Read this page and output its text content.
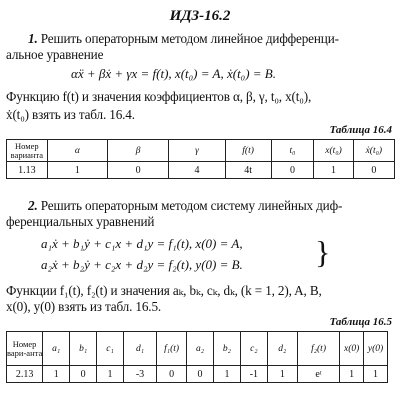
ИДЗ-16.2
1. Решить операторным методом линейное дифференци-
альное уравнение
αẍ + βẋ + γx = f(t), x(t₀) = A, ẋ(t₀) = B.
Функцию f(t) и значения коэффициентов α, β, γ, t₀, x(t₀),
ẋ(t₀) взять из табл. 16.4.
Таблица 16.4
Номер варианта	α	β	γ	f(t)	t₀	x(t₀)	ẋ(t₀)
1.13	1	0	4	4t	0	1	0
2. Решить операторным методом систему линейных диф-
ференциальных уравнений
a₁ẋ + b₁ẏ + c₁x + d₁y = f₁(t), x(0) = A,
a₂ẋ + b₂ẏ + c₂x + d₂y = f₂(t), y(0) = B. }
Функции f₁(t), f₂(t) и значения aₖ, bₖ, cₖ, dₖ, (k = 1, 2), A, B,
x(0), y(0) взять из табл. 16.5.
Таблица 16.5
Номер вари-анта	a₁	b₁	c₁	d₁	f₁(t)	a₂	b₂	c₂	d₂	f₂(t)	x(0)	y(0)
2.13	1	0	1	-3	0	0	1	-1	1	eᵗ	1	1
